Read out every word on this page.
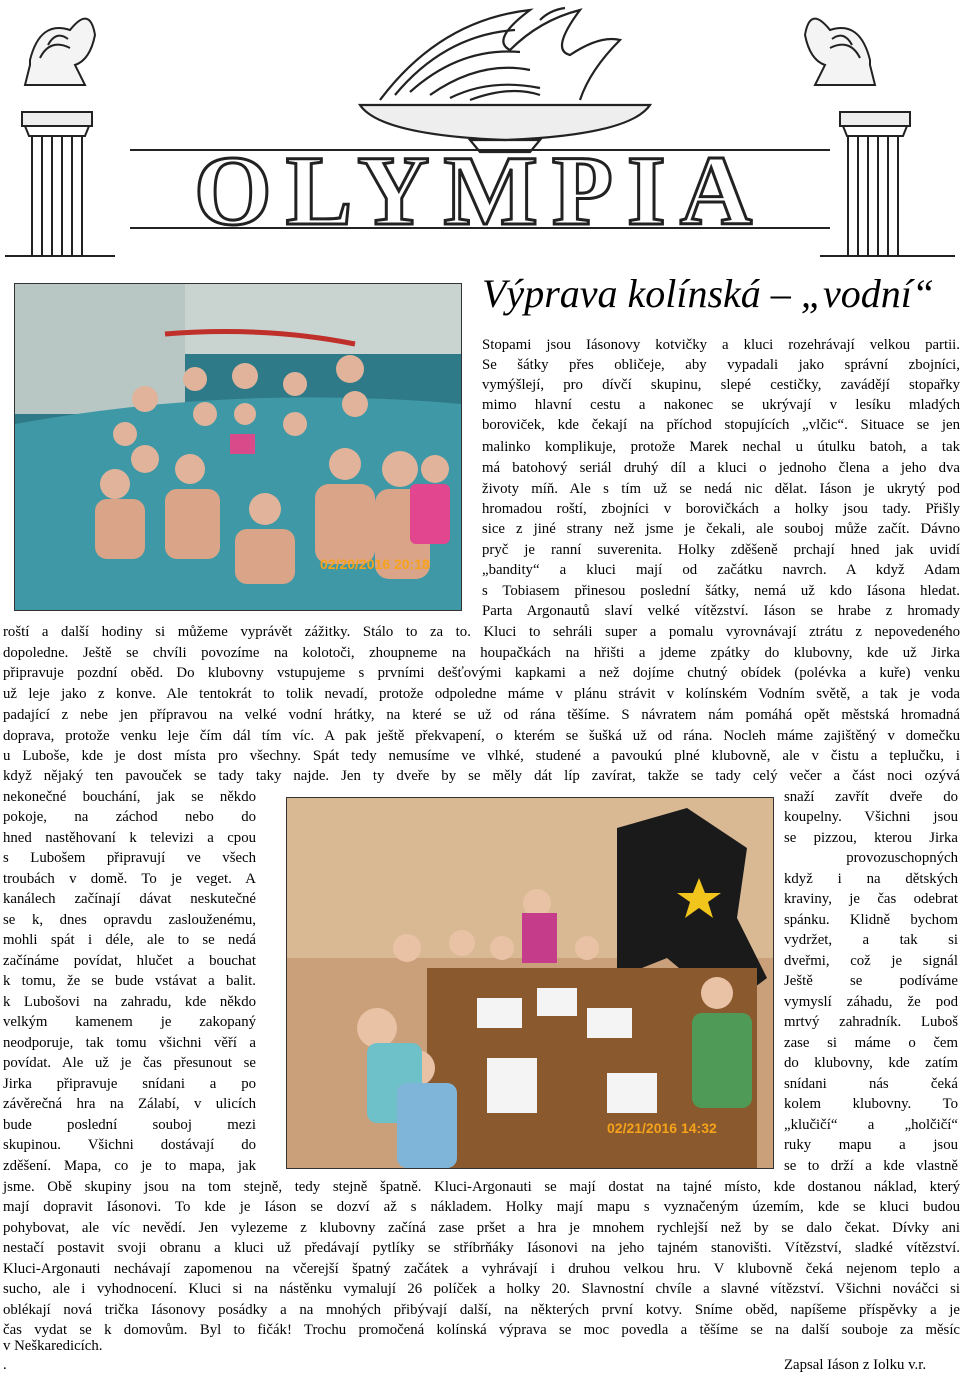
OLYMPIA
02/20/2016 20:18
02/21/2016 14:32
Výprava kolínská – „vodní“
Stopami jsou Iásonovy kotvičky a kluci rozehrávají velkou partii.
Se šátky přes obličeje, aby vypadali jako správní zbojníci,
vymýšlejí, pro dívčí skupinu, slepé cestičky, zavádějí stopařky
mimo hlavní cestu a nakonec se ukrývají v lesíku mladých
borovic̆ek, kde čekají na příchod stopujících „vlčic“. Situace se jen
malinko komplikuje, protože Marek nechal u útulku batoh, a tak
má batohový seriál druhý díl a kluci o jednoho člena a jeho dva
životy míň. Ale s tím už se nedá nic dělat. Iáson je ukrytý pod
hromadou roští, zbojníci v borovičkách a holky jsou tady. Přišly
sice z jiné strany než jsme je čekali, ale souboj může začít. Dávno
pryč je ranní suverenita. Holky zděšeně prchají hned jak uvidí
„bandity“ a kluci mají od začátku navrch. A když Adam
s Tobiasem přinesou poslední šátky, nemá už kdo Iásona hledat.
Parta Argonautů slaví velké vítězství. Iáson se hrabe z hromady
roští a další hodiny si můžeme vyprávět zážitky. Stálo to za to. Kluci to sehráli super a pomalu vyrovnávají ztrátu z nepovedeného
dopoledne. Ještě se chvíli povozíme na kolotoči, zhoupneme na houpačkách na hřišti a jdeme zpátky do klubovny, kde už Jirka
připravuje pozdní oběd. Do klubovny vstupujeme s prvními dešťovými kapkami a než dojíme chutný obídek (polévka a kuře) venku
už leje jako z konve. Ale tentokrát to tolik nevadí, protože odpoledne máme v plánu strávit v kolínském Vodním světě, a tak je voda
padající z nebe jen přípravou na velké vodní hrátky, na které se už od rána těšíme. S návratem nám pomáhá opět městská hromadná
doprava, protože venku leje čím dál tím víc. A pak ještě překvapení, o kterém se šušká už od rána. Nocleh máme zajištěný v domečku
u Luboše, kde je dost místa pro všechny. Spát tedy nemusíme ve vlhké, studené a pavoukú plné klubovně, ale v čistu a teplučku, i
když nějaký ten pavouček se tady taky najde. Jen ty dveře by se měly dát líp zavírat, takže se tady celý večer a část noci ozývá
nekonečné bouchání, jak se někdo
pokoje, na záchod nebo do
hned nastěhovaní k televizi a cpou
s Lubošem připravují ve všech
troubách v domě. To je veget. A
kanálech začínají dávat neskutečné
se k, dnes opravdu zaslouženému,
mohli spát i déle, ale to se nedá
začínáme povídat, hlučet a bouchat
k tomu, že se bude vstávat a balit.
k Lubošovi na zahradu, kde někdo
velkým kamenem je zakopaný
neodporuje, tak tomu všichni věří a
povídat. Ale už je čas přesunout se
Jirka připravuje snídani a po
závěrečná hra na Zálabí, v ulicích
bude poslední souboj mezi
skupinou. Všichni dostávají do
zděšení. Mapa, co je to mapa, jak
snaží zavřít dveře do
koupelny. Všichni jsou
se pizzou, kterou Jirka
provozuschopných
když i na dětských
kraviny, je čas odebrat
spánku. Klidně bychom
vydržet, a tak si
dveřmi, což je signál
Ještě se podíváme
vymyslí záhadu, že pod
mrtvý zahradník. Luboš
zase si máme o čem
do klubovny, kde zatím
snídani nás čeká
kolem klubovny. To
„klučičí“ a „holčičí“
ruky mapu a jsou
se to drží a kde vlastně
jsme. Obě skupiny jsou na tom stejně, tedy stejně špatně. Kluci-Argonauti se mají dostat na tajné místo, kde dostanou náklad, který
mají dopravit Iásonovi. To kde je Iáson se dozví až s nákladem. Holky mají mapu s vyznačeným územím, kde se kluci budou
pohybovat, ale víc nevědí. Jen vylezeme z klubovny začíná zase pršet a hra je mnohem rychlejší než by se dalo čekat. Dívky ani
nestačí postavit svoji obranu a kluci už předávají pytlíky se stříbrňáky Iásonovi na jeho tajném stanovišti. Vítězství, sladké vítězství.
Kluci-Argonauti nechávají zapomenou na včerejší špatný začátek a vyhrávají i druhou velkou hru. V klubovně čeká nejenom teplo a
sucho, ale i vyhodnocení. Kluci si na nástěnku vymalují 26 políček a holky 20. Slavnostní chvíle a slavné vítězství. Všichni nováčci si
oblékají nová trička Iásonovy posádky a na mnohých přibývají další, na některých první kotvy. Sníme oběd, napíšeme příspěvky a je
čas vydat se k domovům. Byl to fičák! Trochu promočená kolínská výprava se moc povedla a těšíme se na další souboje za měsíc
v Neškaredicích.
.	Zapsal Iáson z Iolku v.r.
